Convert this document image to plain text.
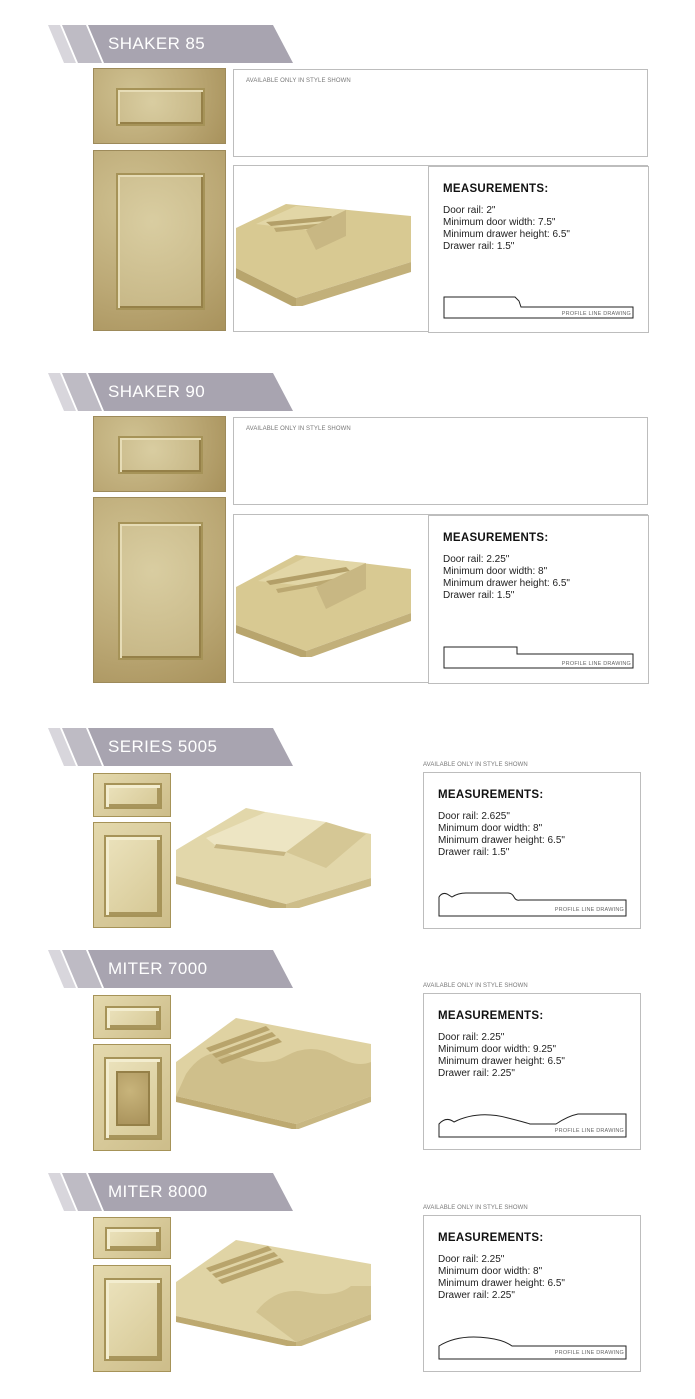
SHAKER 85
AVAILABLE ONLY IN STYLE SHOWN
MEASUREMENTS:
Door rail: 2"
Minimum door width: 7.5"
Minimum drawer height: 6.5"
Drawer rail: 1.5"
PROFILE LINE DRAWING
SHAKER 90
AVAILABLE ONLY IN STYLE SHOWN
MEASUREMENTS:
Door rail: 2.25"
Minimum door width: 8"
Minimum drawer height: 6.5"
Drawer rail: 1.5"
PROFILE LINE DRAWING
SERIES 5005
AVAILABLE ONLY IN STYLE SHOWN
MEASUREMENTS:
Door rail: 2.625"
Minimum door width: 8"
Minimum drawer height: 6.5"
Drawer rail: 1.5"
PROFILE LINE DRAWING
MITER 7000
AVAILABLE ONLY IN STYLE SHOWN
MEASUREMENTS:
Door rail: 2.25"
Minimum door width: 9.25"
Minimum drawer height: 6.5"
Drawer rail: 2.25"
PROFILE LINE DRAWING
MITER 8000
AVAILABLE ONLY IN STYLE SHOWN
MEASUREMENTS:
Door rail: 2.25"
Minimum door width: 8"
Minimum drawer height: 6.5"
Drawer rail: 2.25"
PROFILE LINE DRAWING
